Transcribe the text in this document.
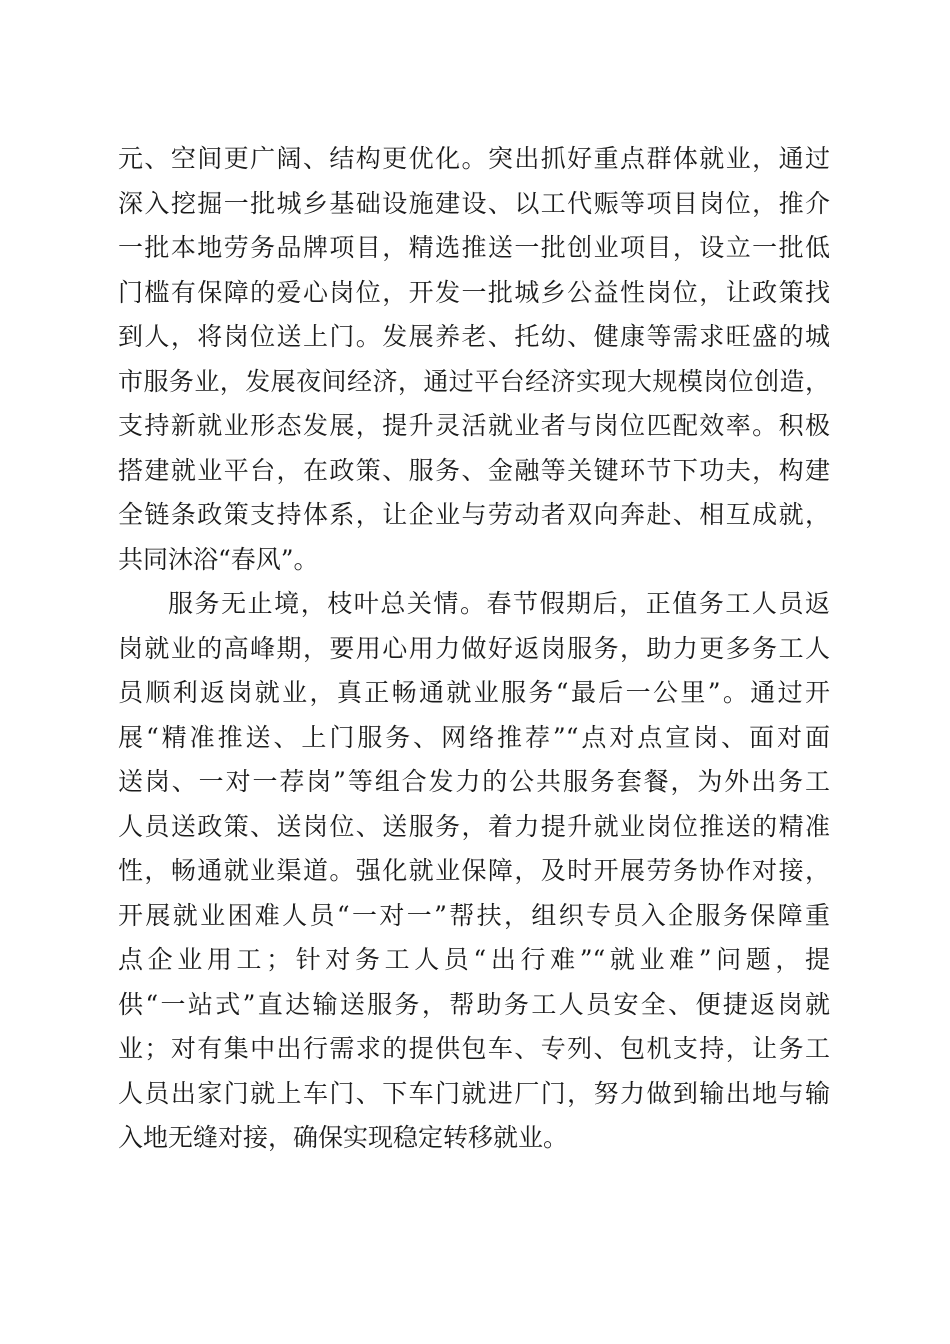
元、空间更广阔、结构更优化。突出抓好重点群体就业，通过
深入挖掘一批城乡基础设施建设、以工代赈等项目岗位，推介
一批本地劳务品牌项目，精选推送一批创业项目，设立一批低
门槛有保障的爱心岗位，开发一批城乡公益性岗位，让政策找
到人，将岗位送上门。发展养老、托幼、健康等需求旺盛的城
市服务业，发展夜间经济，通过平台经济实现大规模岗位创造，
支持新就业形态发展，提升灵活就业者与岗位匹配效率。积极
搭建就业平台，在政策、服务、金融等关键环节下功夫，构建
全链条政策支持体系，让企业与劳动者双向奔赴、相互成就，
共同沐浴“春风”。
服务无止境，枝叶总关情。春节假期后，正值务工人员返
岗就业的高峰期，要用心用力做好返岗服务，助力更多务工人
员顺利返岗就业，真正畅通就业服务“最后一公里”。通过开
展“精准推送、上门服务、网络推荐”“点对点宣岗、面对面
送岗、一对一荐岗”等组合发力的公共服务套餐，为外出务工
人员送政策、送岗位、送服务，着力提升就业岗位推送的精准
性，畅通就业渠道。强化就业保障，及时开展劳务协作对接，
开展就业困难人员“一对一”帮扶，组织专员入企服务保障重
点企业用工；针对务工人员“出行难”“就业难”问题，提
供“一站式”直达输送服务，帮助务工人员安全、便捷返岗就
业；对有集中出行需求的提供包车、专列、包机支持，让务工
人员出家门就上车门、下车门就进厂门，努力做到输出地与输
入地无缝对接，确保实现稳定转移就业。
